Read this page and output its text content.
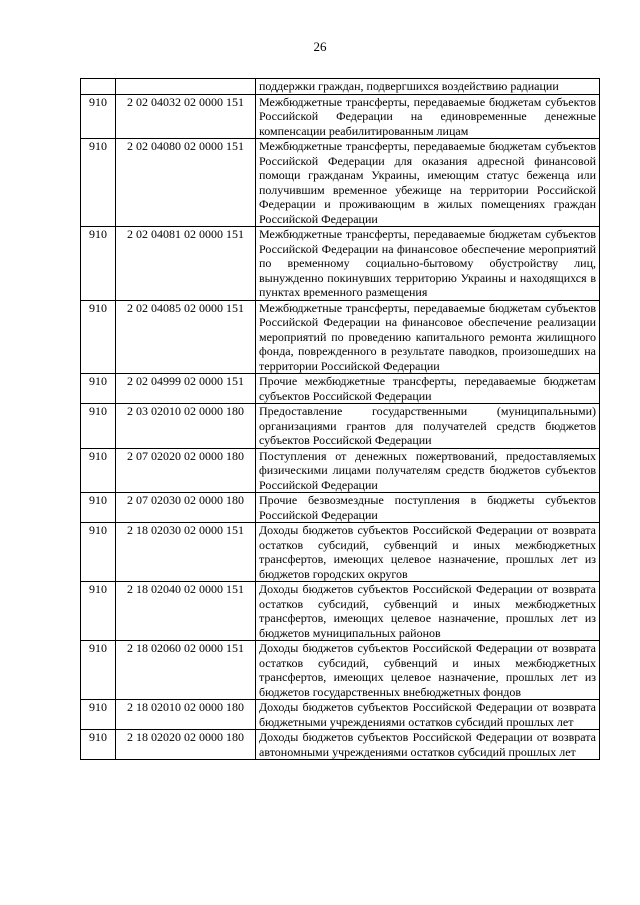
26
		поддержки граждан, подвергшихся воздействию радиации
910	2 02 04032 02 0000 151	Межбюджетные трансферты, передаваемые бюджетам субъектов Российской Федерации на единовременные денежные компенсации реабилитированным лицам
910	2 02 04080 02 0000 151	Межбюджетные трансферты, передаваемые бюджетам субъектов Российской Федерации для оказания адресной финансовой помощи гражданам Украины, имеющим статус беженца или получившим временное убежище на территории Российской Федерации и проживающим в жилых помещениях граждан Российской Федерации
910	2 02 04081 02 0000 151	Межбюджетные трансферты, передаваемые бюджетам субъектов Российской Федерации на финансовое обеспечение мероприятий по временному социально-бытовому обустройству лиц, вынужденно покинувших территорию Украины и находящихся в пунктах временного размещения
910	2 02 04085 02 0000 151	Межбюджетные трансферты, передаваемые бюджетам субъектов Российской Федерации на финансовое обеспечение реализации мероприятий по проведению капитального ремонта жилищного фонда, поврежденного в результате паводков, произошедших на территории Российской Федерации
910	2 02 04999 02 0000 151	Прочие межбюджетные трансферты, передаваемые бюджетам субъектов Российской Федерации
910	2 03 02010 02 0000 180	Предоставление государственными (муниципальными) организациями грантов для получателей средств бюджетов субъектов Российской Федерации
910	2 07 02020 02 0000 180	Поступления от денежных пожертвований, предоставляемых физическими лицами получателям средств бюджетов субъектов Российской Федерации
910	2 07 02030 02 0000 180	Прочие безвозмездные поступления в бюджеты субъектов Российской Федерации
910	2 18 02030 02 0000 151	Доходы бюджетов субъектов Российской Федерации от возврата остатков субсидий, субвенций и иных межбюджетных трансфертов, имеющих целевое назначение, прошлых лет из бюджетов городских округов
910	2 18 02040 02 0000 151	Доходы бюджетов субъектов Российской Федерации от возврата остатков субсидий, субвенций и иных межбюджетных трансфертов, имеющих целевое назначение, прошлых лет из бюджетов муниципальных районов
910	2 18 02060 02 0000 151	Доходы бюджетов субъектов Российской Федерации от возврата остатков субсидий, субвенций и иных межбюджетных трансфертов, имеющих целевое назначение, прошлых лет из бюджетов государственных внебюджетных фондов
910	2 18 02010 02 0000 180	Доходы бюджетов субъектов Российской Федерации от возврата бюджетными учреждениями остатков субсидий прошлых лет
910	2 18 02020 02 0000 180	Доходы бюджетов субъектов Российской Федерации от возврата автономными учреждениями остатков субсидий прошлых лет
